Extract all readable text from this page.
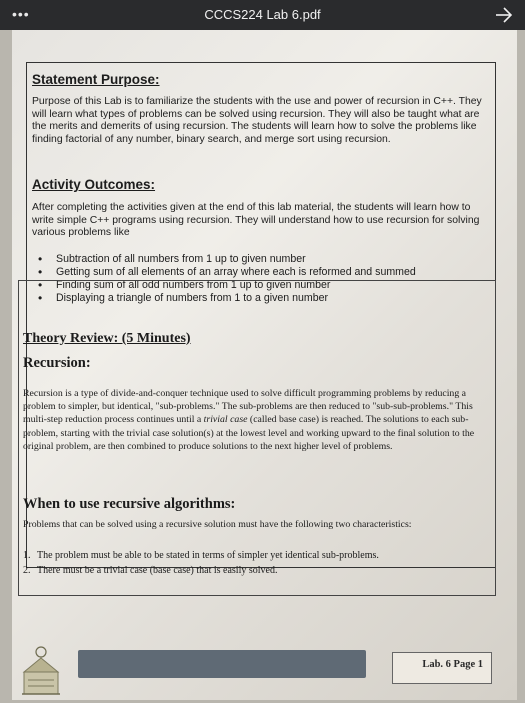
•••	CCCS224 Lab 6.pdf
Statement Purpose:

Purpose of this Lab is to familiarize the students with the use and power of recursion in C++. They will learn what types of problems can be solved using recursion. They will also be taught what are the merits and demerits of using recursion. The students will learn how to solve the problems like finding factorial of any number, binary search, and merge sort using recursion.

Activity Outcomes:

After completing the activities given at the end of this lab material, the students will learn how to write simple C++ programs using recursion. They will understand how to use recursion for solving various problems like

• Subtraction of all numbers from 1 up to given number
• Getting sum of all elements of an array where each is reformed and summed
• Finding sum of all odd numbers from 1 up to given number
• Displaying a triangle of numbers from 1 to a given number
Theory Review: (5 Minutes)
Recursion:

Recursion is a type of divide-and-conquer technique used to solve difficult programming problems by reducing a problem to simpler, but identical, "sub-problems." The sub-problems are then reduced to "sub-sub-problems." This multi-step reduction process continues until a trivial case (called base case) is reached. The solutions to each sub-problem, starting with the trivial case solution(s) at the lowest level and working upward to the final solution to the original problem, are then combined to produce solutions to the next higher level of problems.

When to use recursive algorithms:

Problems that can be solved using a recursive solution must have the following two characteristics:

1. The problem must be able to be stated in terms of simpler yet identical sub-problems.
2. There must be a trivial case (base case) that is easily solved.
Lab. 6 Page 1
